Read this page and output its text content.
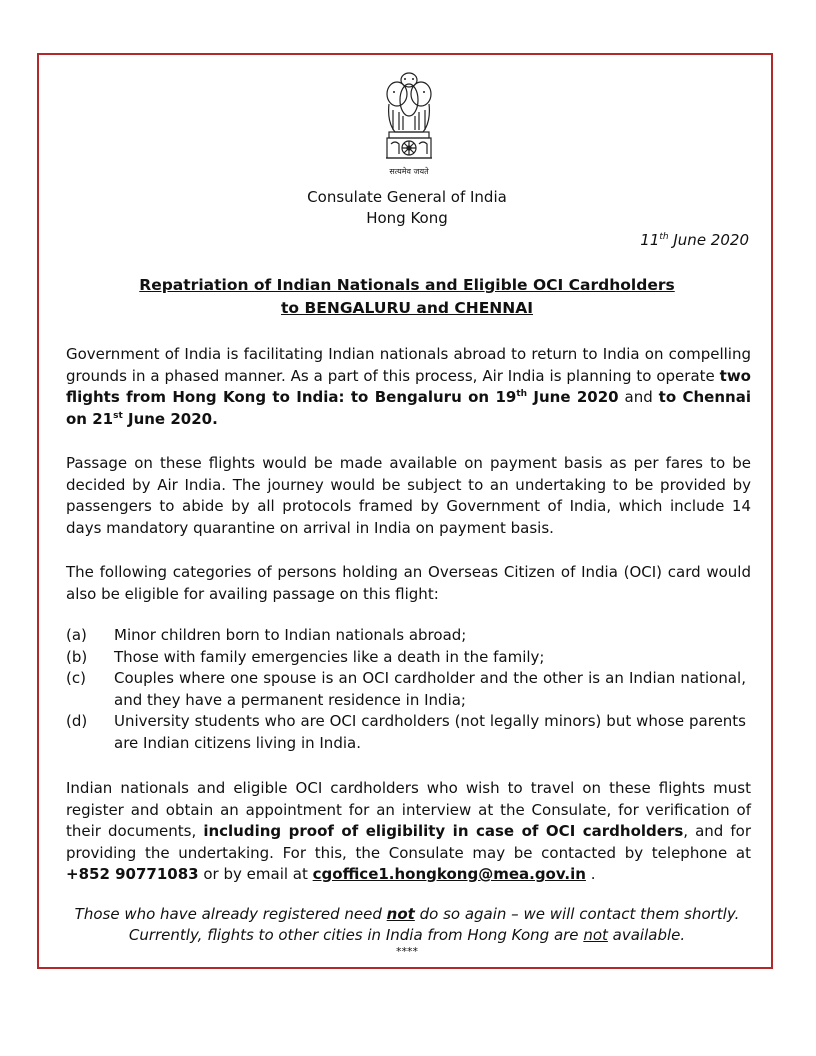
सत्यमेव जयते
Consulate General of India
Hong Kong
11th June 2020
Repatriation of Indian Nationals and Eligible OCI Cardholders
to BENGALURU and CHENNAI

Government of India is facilitating Indian nationals abroad to return to India on compelling grounds in a phased manner. As a part of this process, Air India is planning to operate two flights from Hong Kong to India: to Bengaluru on 19th June 2020 and to Chennai on 21st June 2020.

Passage on these flights would be made available on payment basis as per fares to be decided by Air India. The journey would be subject to an undertaking to be provided by passengers to abide by all protocols framed by Government of India, which include 14 days mandatory quarantine on arrival in India on payment basis.

The following categories of persons holding an Overseas Citizen of India (OCI) card would also be eligible for availing passage on this flight:

(a)	Minor children born to Indian nationals abroad;
(b)	Those with family emergencies like a death in the family;
(c)	Couples where one spouse is an OCI cardholder and the other is an Indian national, and they have a permanent residence in India;
(d)	University students who are OCI cardholders (not legally minors) but whose parents are Indian citizens living in India.

Indian nationals and eligible OCI cardholders who wish to travel on these flights must register and obtain an appointment for an interview at the Consulate, for verification of their documents, including proof of eligibility in case of OCI cardholders, and for providing the undertaking. For this, the Consulate may be contacted by telephone at +852 90771083 or by email at cgoffice1.hongkong@mea.gov.in .

Those who have already registered need not do so again – we will contact them shortly.
Currently, flights to other cities in India from Hong Kong are not available.
****
